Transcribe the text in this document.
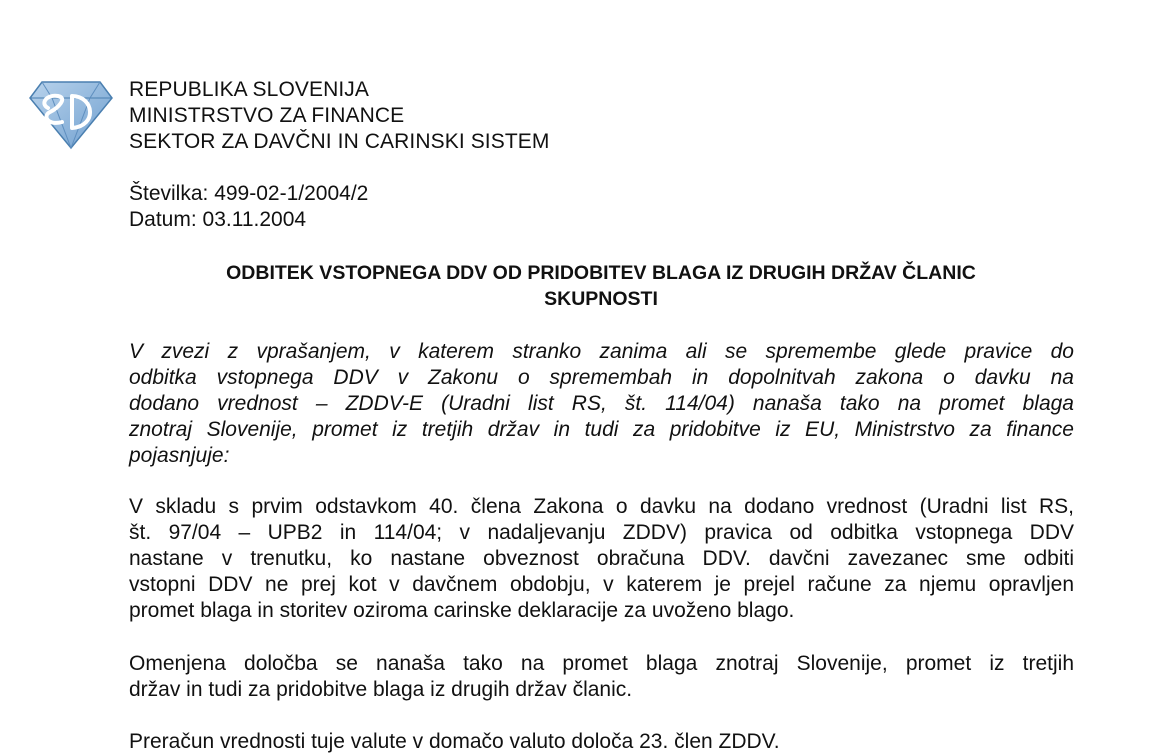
REPUBLIKA SLOVENIJA
MINISTRSTVO ZA FINANCE
SEKTOR ZA DAVČNI IN CARINSKI SISTEM
Številka: 499-02-1/2004/2
Datum: 03.11.2004
ODBITEK VSTOPNEGA DDV OD PRIDOBITEV BLAGA IZ DRUGIH DRŽAV ČLANIC
SKUPNOSTI
V zvezi z vprašanjem, v katerem stranko zanima ali se spremembe glede pravice do
odbitka vstopnega DDV v Zakonu o spremembah in dopolnitvah zakona o davku na
dodano vrednost – ZDDV-E (Uradni list RS, št. 114/04) nanaša tako na promet blaga
znotraj Slovenije, promet iz tretjih držav in tudi za pridobitve iz EU, Ministrstvo za finance
pojasnjuje:
V skladu s prvim odstavkom 40. člena Zakona o davku na dodano vrednost (Uradni list RS,
št. 97/04 – UPB2 in 114/04; v nadaljevanju ZDDV) pravica od odbitka vstopnega DDV
nastane v trenutku, ko nastane obveznost obračuna DDV. davčni zavezanec sme odbiti
vstopni DDV ne prej kot v davčnem obdobju, v katerem je prejel račune za njemu opravljen
promet blaga in storitev oziroma carinske deklaracije za uvoženo blago.
Omenjena določba se nanaša tako na promet blaga znotraj Slovenije, promet iz tretjih
držav in tudi za pridobitve blaga iz drugih držav članic.
Preračun vrednosti tuje valute v domačo valuto določa 23. člen ZDDV.
